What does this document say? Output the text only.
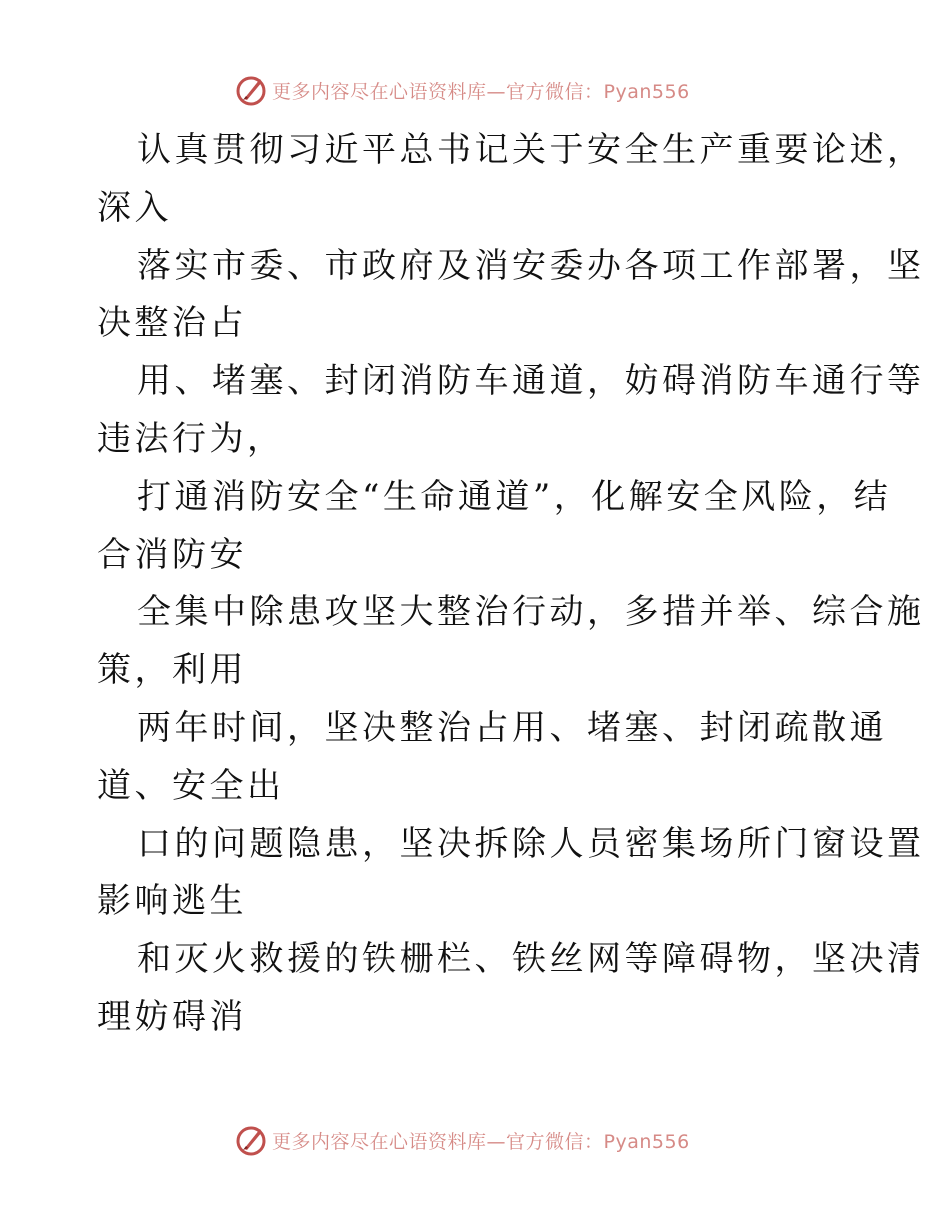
更多内容尽在心语资料库—官方微信：Pyan556

认真贯彻习近平总书记关于安全生产重要论述，
深入

落实市委、市政府及消安委办各项工作部署，坚
决整治占

用、堵塞、封闭消防车通道，妨碍消防车通行等
违法行为，

打通消防安全“生命通道”，化解安全风险，结
合消防安

全集中除患攻坚大整治行动，多措并举、综合施
策，利用

两年时间，坚决整治占用、堵塞、封闭疏散通
道、安全出

口的问题隐患，坚决拆除人员密集场所门窗设置
影响逃生

和灭火救援的铁栅栏、铁丝网等障碍物，坚决清
理妨碍消

更多内容尽在心语资料库—官方微信：Pyan556
